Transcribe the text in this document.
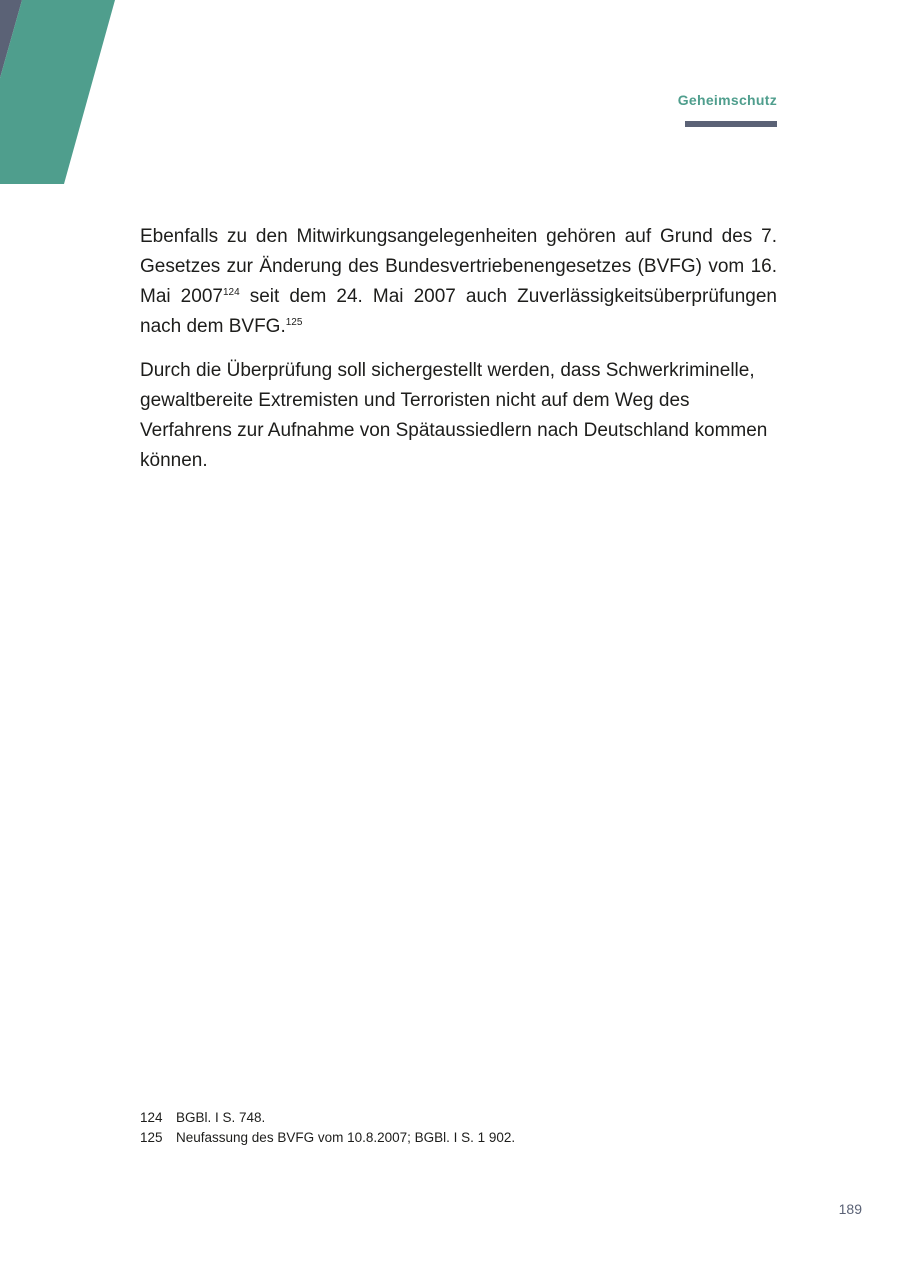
Geheimschutz

Ebenfalls zu den Mitwirkungsangelegenheiten gehören auf Grund des 7. Gesetzes zur Änderung des Bundesvertriebenengesetzes (BVFG) vom 16. Mai 2007$^{124}$ seit dem 24. Mai 2007 auch Zuverlässigkeitsüberprüfungen nach dem BVFG.$^{125}$

Durch die Überprüfung soll sichergestellt werden, dass Schwerkriminelle, gewaltbereite Extremisten und Terroristen nicht auf dem Weg des Verfahrens zur Aufnahme von Spätaussiedlern nach Deutschland kommen können.

124 BGBl. I S. 748.
125 Neufassung des BVFG vom 10.8.2007; BGBl. I S. 1 902.
189
